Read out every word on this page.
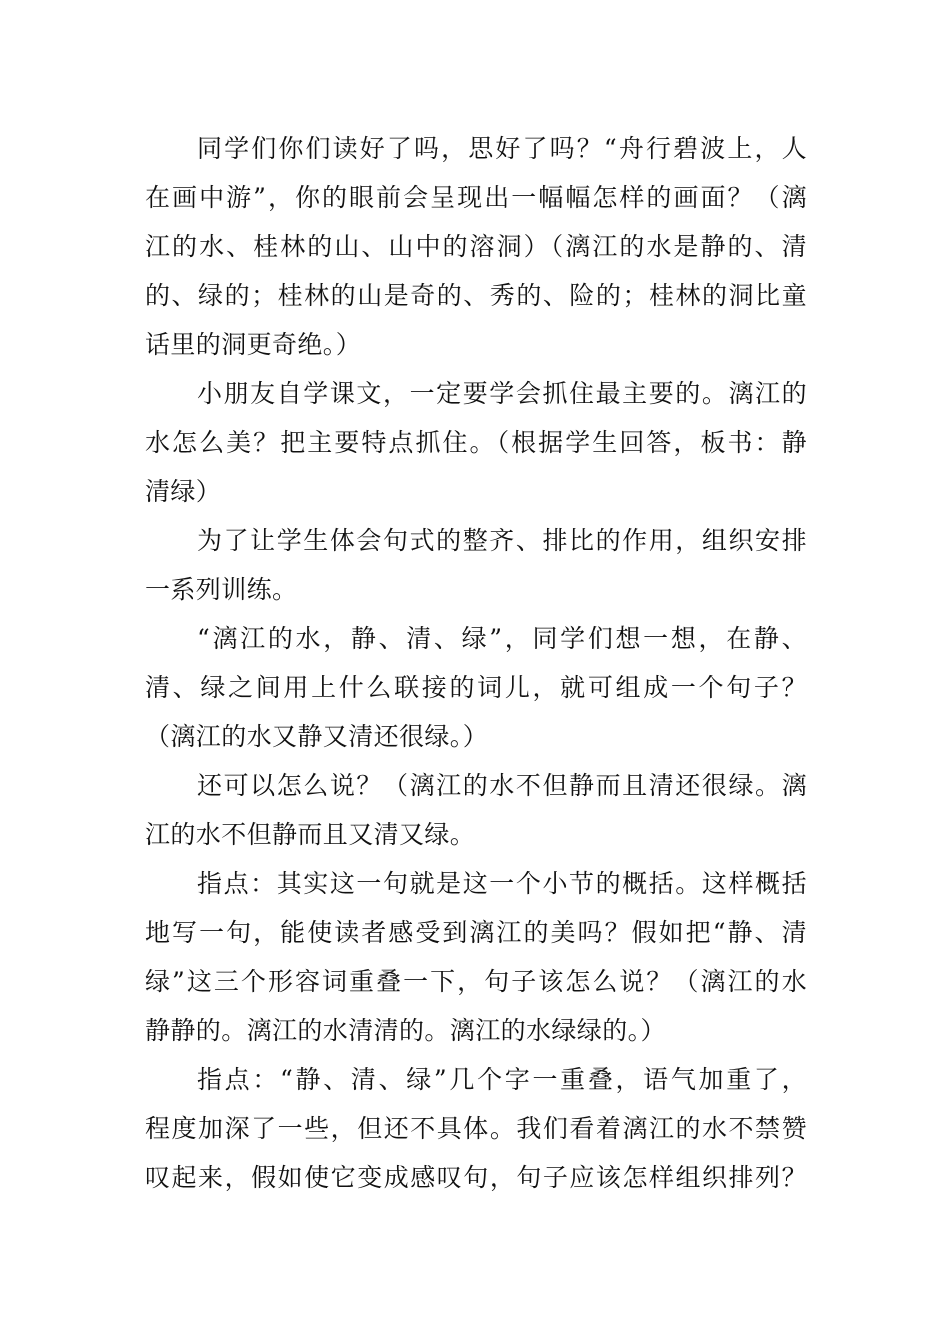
同学们你们读好了吗，思好了吗？“舟行碧波上，人
在画中游”，你的眼前会呈现出一幅幅怎样的画面？（漓
江的水、桂林的山、山中的溶洞）（漓江的水是静的、清
的、绿的；桂林的山是奇的、秀的、险的；桂林的洞比童
话里的洞更奇绝。）
小朋友自学课文，一定要学会抓住最主要的。漓江的
水怎么美？把主要特点抓住。（根据学生回答，板书：静
清绿）
为了让学生体会句式的整齐、排比的作用，组织安排
一系列训练。
“漓江的水，静、清、绿”，同学们想一想，在静、
清、绿之间用上什么联接的词儿，就可组成一个句子？
（漓江的水又静又清还很绿。）
还可以怎么说？（漓江的水不但静而且清还很绿。漓
江的水不但静而且又清又绿。
指点：其实这一句就是这一个小节的概括。这样概括
地写一句，能使读者感受到漓江的美吗？假如把“静、清
绿”这三个形容词重叠一下，句子该怎么说？（漓江的水
静静的。漓江的水清清的。漓江的水绿绿的。）
指点：“静、清、绿”几个字一重叠，语气加重了，
程度加深了一些，但还不具体。我们看着漓江的水不禁赞
叹起来，假如使它变成感叹句，句子应该怎样组织排列？
